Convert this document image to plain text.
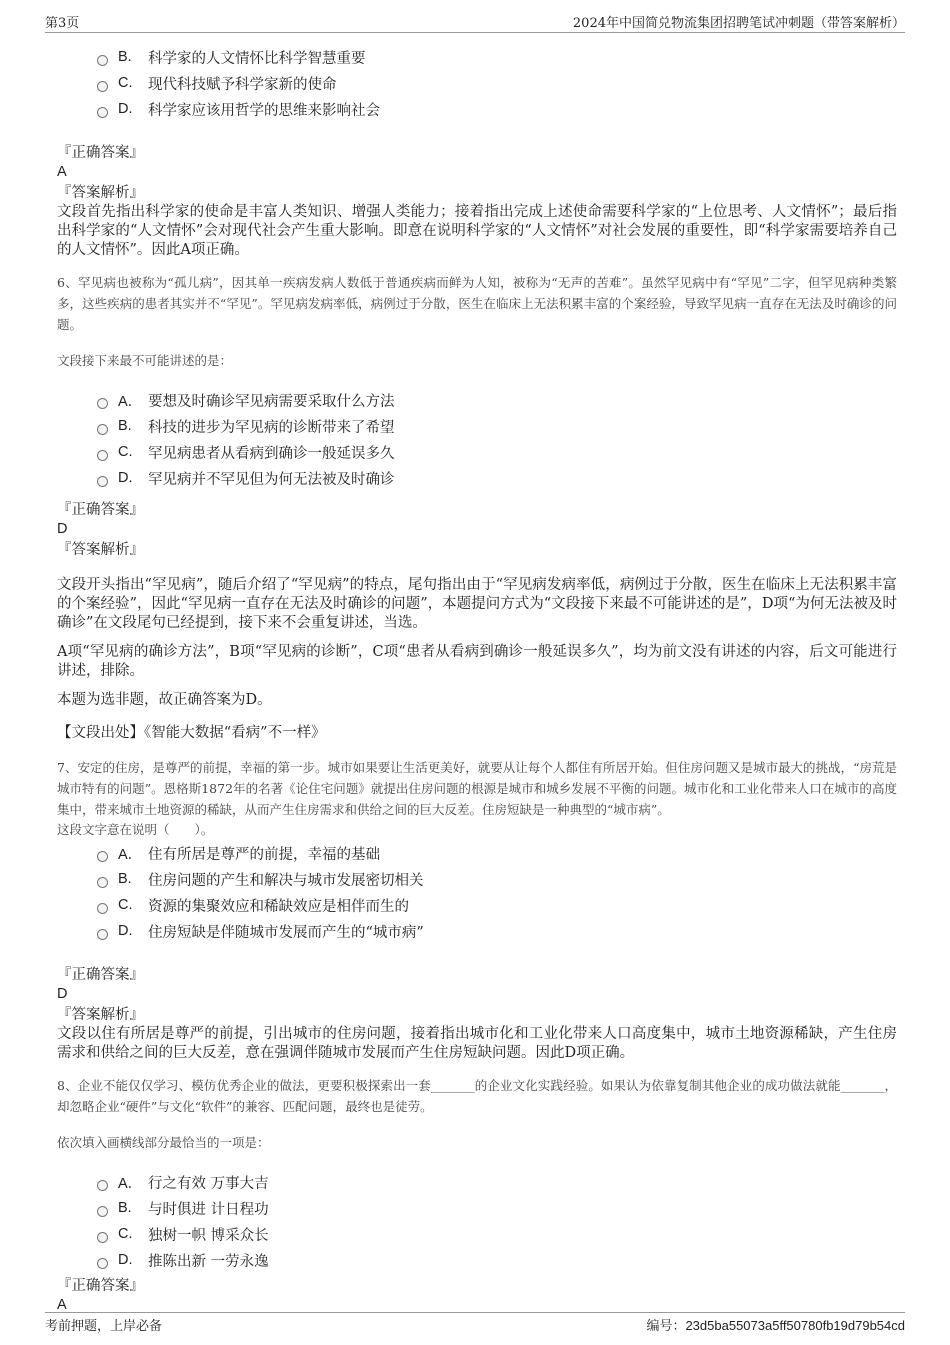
第3页	2024年中国简兑物流集团招聘笔试冲刺题（带答案解析）
B.	科学家的人文情怀比科学智慧重要
C.	现代科技赋予科学家新的使命
D.	科学家应该用哲学的思维来影响社会
『正确答案』
A
『答案解析』
文段首先指出科学家的使命是丰富人类知识、增强人类能力；接着指出完成上述使命需要科学家的“上位思考、人文情怀”；最后指出科学家的“人文情怀”会对现代社会产生重大影响。即意在说明科学家的“人文情怀”对社会发展的重要性，即“科学家需要培养自己的人文情怀”。因此A项正确。
6、罕见病也被称为“孤儿病”，因其单一疾病发病人数低于普通疾病而鲜为人知，被称为“无声的苦难”。虽然罕见病中有“罕见”二字，但罕见病种类繁多，这些疾病的患者其实并不“罕见”。罕见病发病率低，病例过于分散，医生在临床上无法积累丰富的个案经验，导致罕见病一直存在无法及时确诊的问题。
文段接下来最不可能讲述的是：
A． 要想及时确诊罕见病需要采取什么方法
B.	科技的进步为罕见病的诊断带来了希望
C.	罕见病患者从看病到确诊一般延误多久
D.	罕见病并不罕见但为何无法被及时确诊
『正确答案』
D
『答案解析』
文段开头指出“罕见病”，随后介绍了“罕见病”的特点，尾句指出由于“罕见病发病率低，病例过于分散，医生在临床上无法积累丰富的个案经验”，因此“罕见病一直存在无法及时确诊的问题”，本题提问方式为“文段接下来最不可能讲述的是”，D项“为何无法被及时确诊”在文段尾句已经提到，接下来不会重复讲述，当选。
A项“罕见病的确诊方法”，B项“罕见病的诊断”，C项“患者从看病到确诊一般延误多久”，均为前文没有讲述的内容，后文可能进行讲述，排除。
本题为选非题，故正确答案为D。
【文段出处】《智能大数据“看病”不一样》
7、安定的住房，是尊严的前提，幸福的第一步。城市如果要让生活更美好，就要从让每个人都住有所居开始。但住房问题又是城市最大的挑战，“房荒是城市特有的问题”。恩格斯1872年的名著《论住宅问题》就提出住房问题的根源是城市和城乡发展不平衡的问题。城市化和工业化带来人口在城市的高度集中，带来城市土地资源的稀缺，从而产生住房需求和供给之间的巨大反差。住房短缺是一种典型的“城市病”。
这段文字意在说明（　　）。
A． 住有所居是尊严的前提，幸福的基础
B.	住房问题的产生和解决与城市发展密切相关
C.	资源的集聚效应和稀缺效应是相伴而生的
D.	住房短缺是伴随城市发展而产生的“城市病”
『正确答案』
D
『答案解析』
文段以住有所居是尊严的前提，引出城市的住房问题，接着指出城市化和工业化带来人口高度集中，城市土地资源稀缺，产生住房需求和供给之间的巨大反差，意在强调伴随城市发展而产生住房短缺问题。因此D项正确。
8、企业不能仅仅学习、模仿优秀企业的做法，更要积极探索出一套_______的企业文化实践经验。如果认为依靠复制其他企业的成功做法就能_______，却忽略企业“硬件”与文化“软件”的兼容、匹配问题，最终也是徒劳。
依次填入画横线部分最恰当的一项是：
A． 行之有效 万事大吉
B.	与时俱进 计日程功
C.	独树一帜 博采众长
D.	推陈出新 一劳永逸
『正确答案』
A
考前押题，上岸必备	编号：23d5ba55073a5ff50780fb19d79b54cd
